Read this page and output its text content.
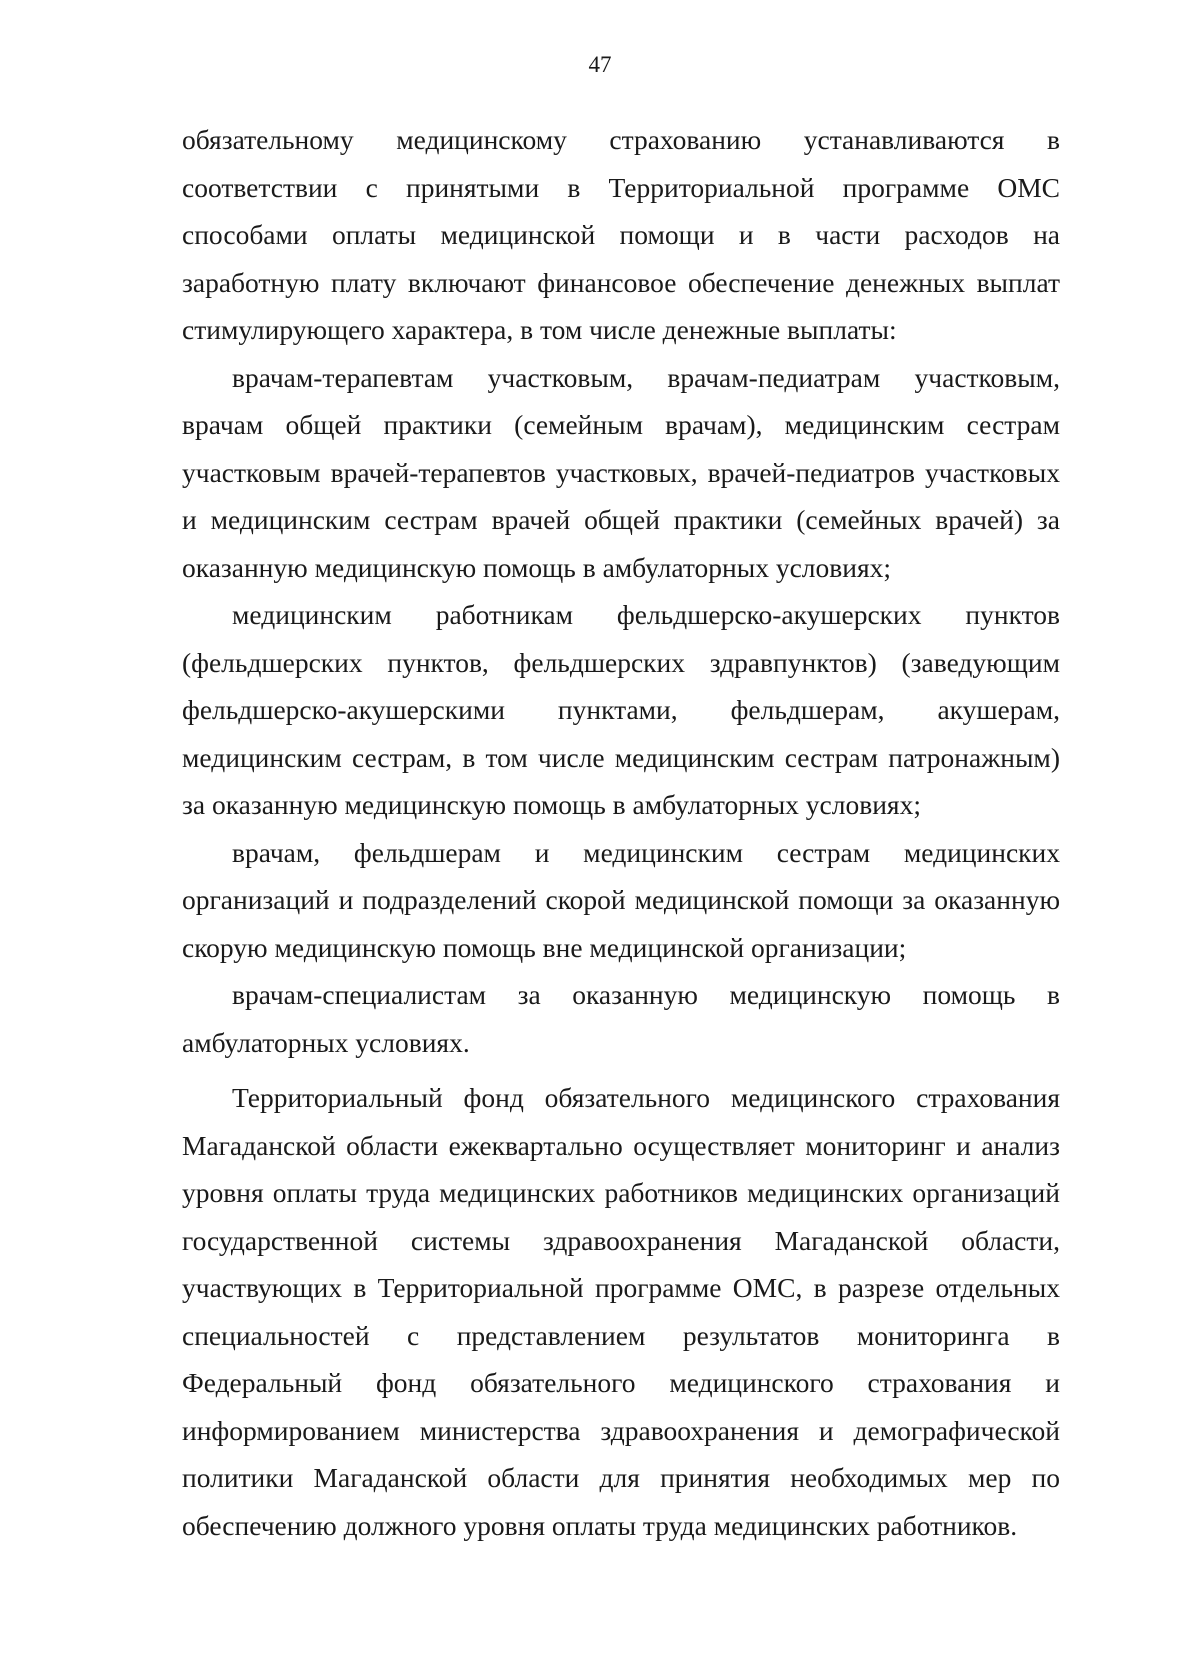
47

обязательному медицинскому страхованию устанавливаются в соответствии с принятыми в Территориальной программе ОМС способами оплаты медицинской помощи и в части расходов на заработную плату включают финансовое обеспечение денежных выплат стимулирующего характера, в том числе денежные выплаты:

врачам-терапевтам участковым, врачам-педиатрам участковым, врачам общей практики (семейным врачам), медицинским сестрам участковым врачей-терапевтов участковых, врачей-педиатров участковых и медицинским сестрам врачей общей практики (семейных врачей) за оказанную медицинскую помощь в амбулаторных условиях;

медицинским работникам фельдшерско-акушерских пунктов (фельдшерских пунктов, фельдшерских здравпунктов) (заведующим фельдшерско-акушерскими пунктами, фельдшерам, акушерам, медицинским сестрам, в том числе медицинским сестрам патронажным) за оказанную медицинскую помощь в амбулаторных условиях;

врачам, фельдшерам и медицинским сестрам медицинских организаций и подразделений скорой медицинской помощи за оказанную скорую медицинскую помощь вне медицинской организации;

врачам-специалистам за оказанную медицинскую помощь в амбулаторных условиях.

Территориальный фонд обязательного медицинского страхования Магаданской области ежеквартально осуществляет мониторинг и анализ уровня оплаты труда медицинских работников медицинских организаций государственной системы здравоохранения Магаданской области, участвующих в Территориальной программе ОМС, в разрезе отдельных специальностей с представлением результатов мониторинга в Федеральный фонд обязательного медицинского страхования и информированием министерства здравоохранения и демографической политики Магаданской области для принятия необходимых мер по обеспечению должного уровня оплаты труда медицинских работников.
